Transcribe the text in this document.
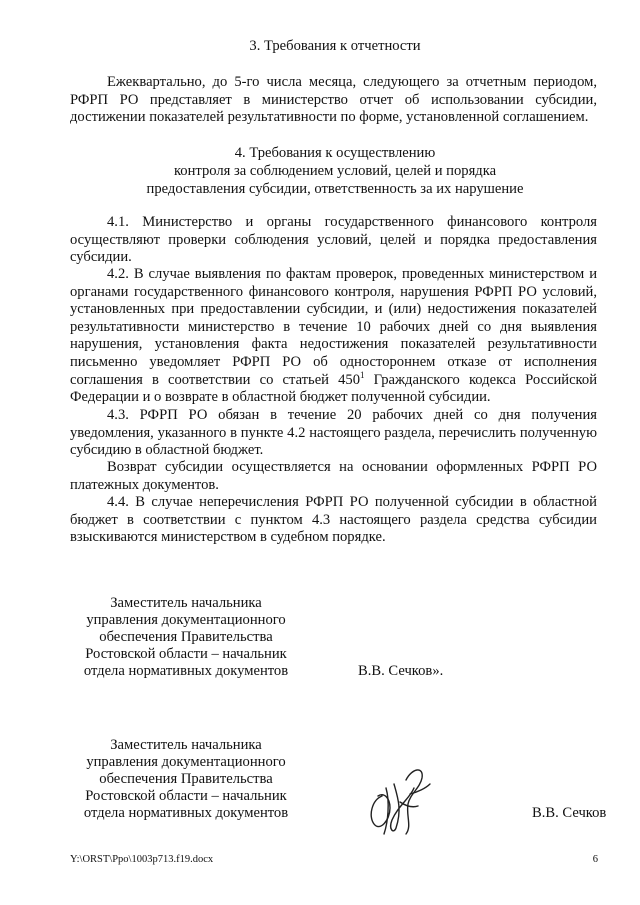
3. Требования к отчетности

Ежеквартально, до 5-го числа месяца, следующего за отчетным периодом, РФРП РО представляет в министерство отчет об использовании субсидии, достижении показателей результативности по форме, установленной соглашением.

4. Требования к осуществлению
контроля за соблюдением условий, целей и порядка
предоставления субсидии, ответственность за их нарушение

4.1. Министерство и органы государственного финансового контроля осуществляют проверки соблюдения условий, целей и порядка предоставления субсидии.

4.2. В случае выявления по фактам проверок, проведенных министерством и органами государственного финансового контроля, нарушения РФРП РО условий, установленных при предоставлении субсидии, и (или) недостижения показателей результативности министерство в течение 10 рабочих дней со дня выявления нарушения, установления факта недостижения показателей результативности письменно уведомляет РФРП РО об одностороннем отказе от исполнения соглашения в соответствии со статьей $450^1$ Гражданского кодекса Российской Федерации и о возврате в областной бюджет полученной субсидии.

4.3. РФРП РО обязан в течение 20 рабочих дней со дня получения уведомления, указанного в пункте 4.2 настоящего раздела, перечислить полученную субсидию в областной бюджет.

Возврат субсидии осуществляется на основании оформленных РФРП РО платежных документов.

4.4. В случае неперечисления РФРП РО полученной субсидии в областной бюджет в соответствии с пунктом 4.3 настоящего раздела средства субсидии взыскиваются министерством в судебном порядке.

Заместитель начальника
управления документационного
обеспечения Правительства
Ростовской области – начальник
отдела нормативных документов	В.В. Сечков».
Заместитель начальника
управления документационного
обеспечения Правительства
Ростовской области – начальник
отдела нормативных документов	В.В. Сечков
Y:\ORST\Ppo\1003p713.f19.docx	6
